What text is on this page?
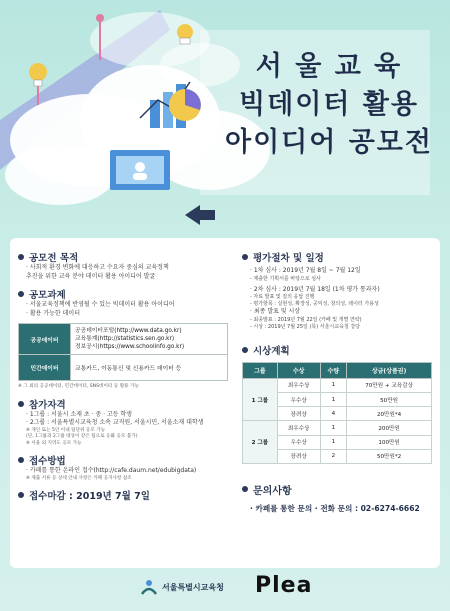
서 울 교 육
빅데이터 활용
아이디어 공모전
공모전 목적
· 사회적 환경 변화에 대응하고 수요자 중심의 교육정책
추진을 위한 교육 분야 데이터 활용 아이디어 발굴
공모과제
· 서울교육정책에 반영될 수 있는 빅데이터 활용 아이디어
· 활용 가능한 데이터
공공데이터	공공데이터포털(http://www.data.go.kr)
교육통계(http://statistics.sen.go.kr)
정보공시(https://www.schoolinfo.go.kr)

민간데이터	교통카드, 이동통신 및 신용카드 데이터 등
※ 그 외의 공공데이터, 민간데이터, SNS데이터 등 활용 가능
참가자격
· 1그룹 : 서울시 소재 초 · 중 · 고등 학생
· 2그룹 : 서울특별시교육청 소속 교직원, 서울시민, 서울소재 대학생
※ 개인 또는 5인 이내 팀단위 응모 가능
(단, 1그룹과 2그룹 대상이 같은 팀으로 응募 응모 불가)
※ 서울 외 지역도 응모 가능
접수방법
· 카페를 통한 온라인 접수(http://cafe.daum.net/edubigdata)
※ 제출 서류 등 상세 안내 사항은 카페 공지사항 참조
접수마감 : 2019년 7월 7일
평가절차 및 일정
· 1차 심사 : 2019년 7월 8일 ~ 7월 12일
- 제출한 기획서를 바탕으로 심사
· 2차 심사 : 2019년 7월 18일 (1차 평가 통과자)
- 자료 발표 및 질의 응답 진행
- 평가항목 : 실현성, 확장성, 공익성, 창의성, 데이터 가용성
· 최종 발표 및 시상
- 최종발표 : 2019년 7월 22일 (카페 및 개별 연락)
- 시상 : 2019년 7월 25일 (목) 서울시교육청 강당
시상계획
그룹	수상	수량	상금(상품권)
1 그룹	최우수상	1	70만원 + 교육감상
	우수상	1	50만원
	장려상	4	20만원*4
2 그룹	최우수상	1	200만원
	우수상	1	100만원
	장려상	2	50만원*2
문의사항
· 카페를 통한 문의 · 전화 문의 : 02-6274-6662
서울특별시교육청 Plea
